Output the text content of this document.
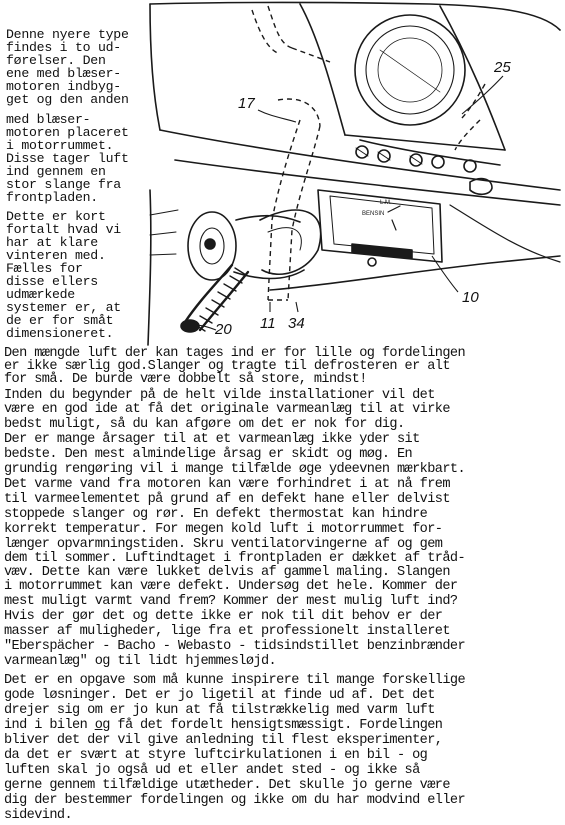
L.M.
BENSIN
17
25
10
20 11 34
Denne nyere type
findes i to ud-
førelser. Den
ene med blæser-
motoren indbyg-
get og den anden
med blæser-
motoren placeret
i motorrummet.
Disse tager luft
ind gennem en
stor slange fra
frontpladen.
Dette er kort
fortalt hvad vi
har at klare
vinteren med.
Fælles for
disse ellers
udmærkede
systemer er, at
de er for småt
dimensioneret.
Den mængde luft der kan tages ind er for lille og fordelingen
er ikke særlig god.Slanger og tragte til defrosteren er alt
for små. De burde være dobbelt så store, mindst!
Inden du begynder på de helt vilde installationer vil det
være en god ide at få det originale varmeanlæg til at virke
bedst muligt, så du kan afgøre om det er nok for dig.
Der er mange årsager til at et varmeanlæg ikke yder sit
bedste. Den mest almindelige årsag er skidt og møg. En
grundig rengøring vil i mange tilfælde øge ydeevnen mærkbart.
Det varme vand fra motoren kan være forhindret i at nå frem
til varmeelementet på grund af en defekt hane eller delvist
stoppede slanger og rør. En defekt thermostat kan hindre
korrekt temperatur. For megen kold luft i motorrummet for-
længer opvarmningstiden. Skru ventilatorvingerne af og gem
dem til sommer. Luftindtaget i frontpladen er dækket af tråd-
væv. Dette kan være lukket delvis af gammel maling. Slangen
i motorrummet kan være defekt. Undersøg det hele. Kommer der
mest muligt varmt vand frem? Kommer der mest mulig luft ind?
Hvis der gør det og dette ikke er nok til dit behov er der
masser af muligheder, lige fra et professionelt installeret
"Eberspächer - Bacho - Webasto - tidsindstillet benzinbrænder
varmeanlæg" og til lidt hjemmesløjd.
Det er en opgave som må kunne inspirere til mange forskellige
gode løsninger. Det er jo ligetil at finde ud af. Det det
drejer sig om er jo kun at få tilstrækkelig med varm luft
ind i bilen og få det fordelt hensigtsmæssigt. Fordelingen
bliver det der vil give anledning til flest eksperimenter,
da det er svært at styre luftcirkulationen i en bil - og
luften skal jo også ud et eller andet sted - og ikke så
gerne gennem tilfældige utætheder. Det skulle jo gerne være
dig der bestemmer fordelingen og ikke om du har modvind eller
sidevind.
